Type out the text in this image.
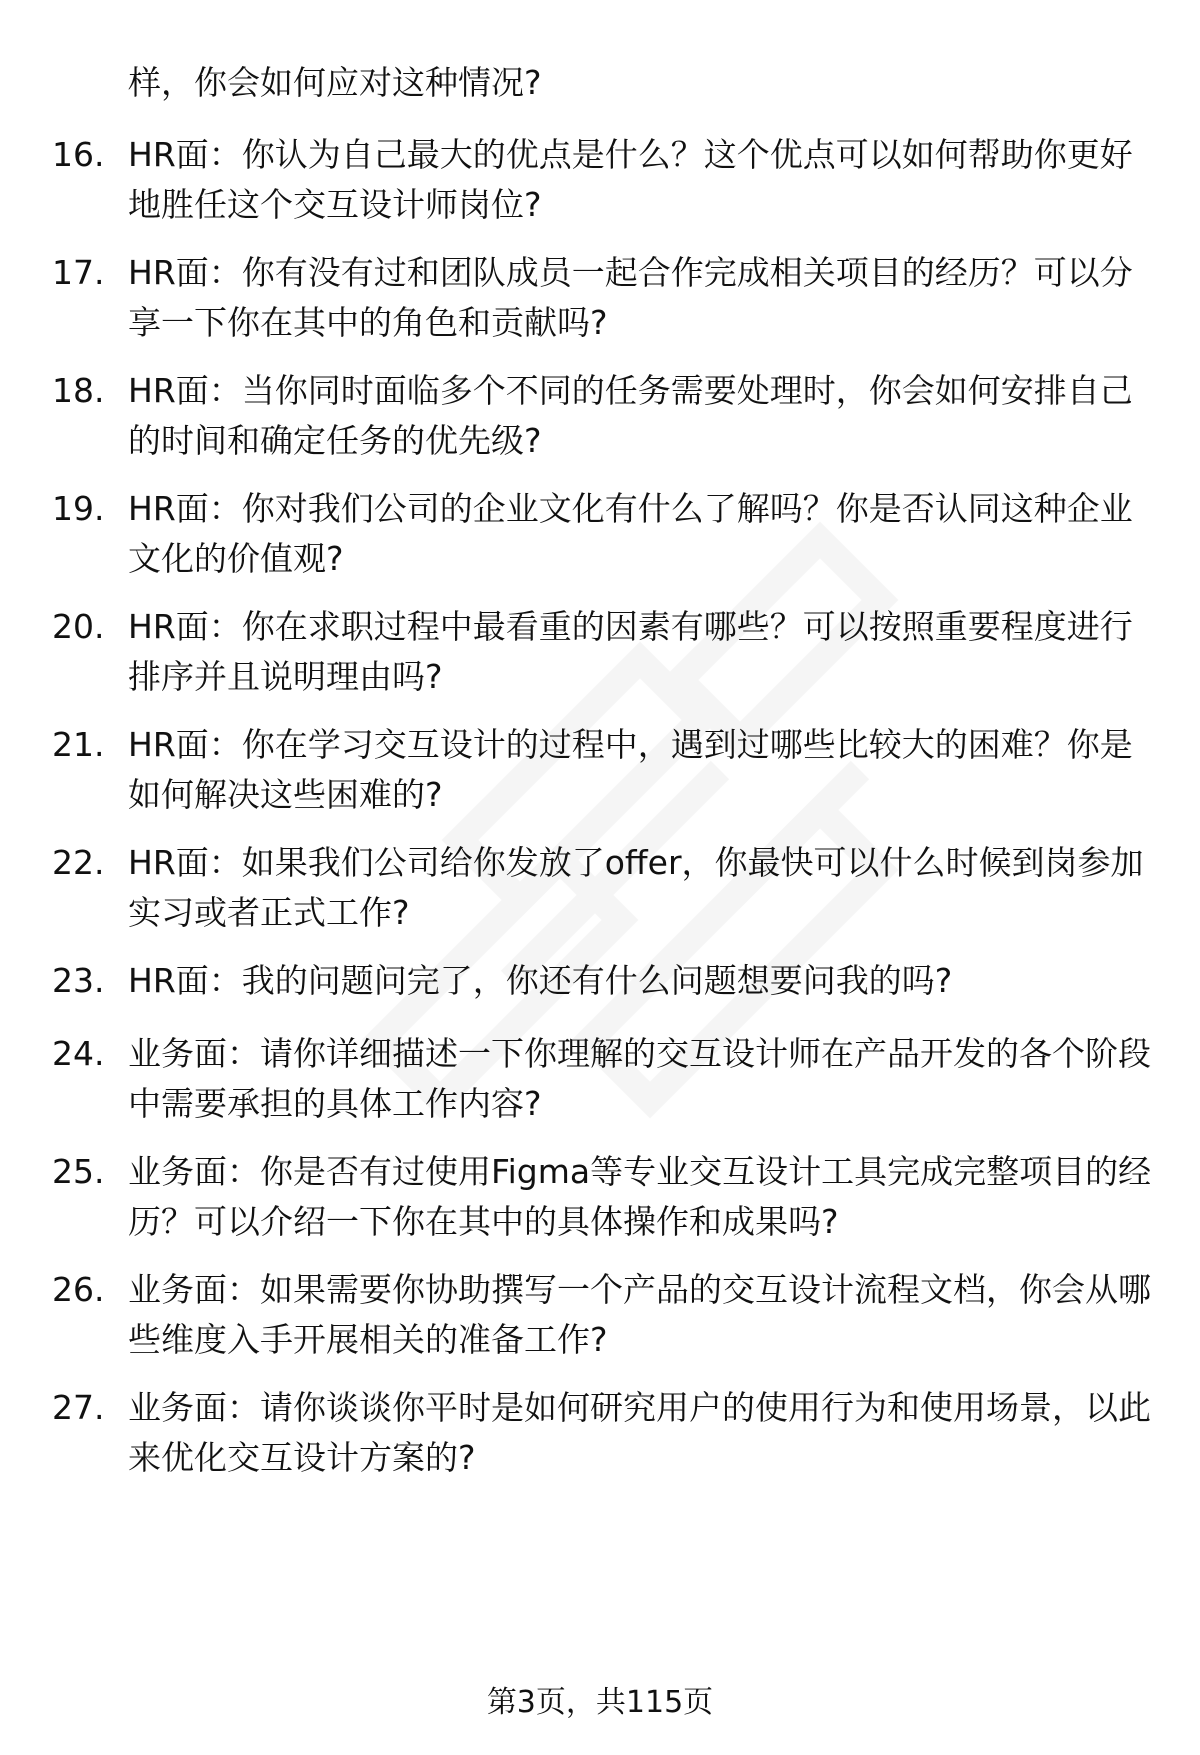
样，你会如何应对这种情况?
16. HR面：你认为自己最大的优点是什么？这个优点可以如何帮助你更好地胜任这个交互设计师岗位?
17. HR面：你有没有过和团队成员一起合作完成相关项目的经历？可以分享一下你在其中的角色和贡献吗?
18. HR面：当你同时面临多个不同的任务需要处理时，你会如何安排自己的时间和确定任务的优先级?
19. HR面：你对我们公司的企业文化有什么了解吗？你是否认同这种企业文化的价值观?
20. HR面：你在求职过程中最看重的因素有哪些？可以按照重要程度进行排序并且说明理由吗?
21. HR面：你在学习交互设计的过程中，遇到过哪些比较大的困难？你是如何解决这些困难的?
22. HR面：如果我们公司给你发放了offer，你最快可以什么时候到岗参加实习或者正式工作?
23. HR面：我的问题问完了，你还有什么问题想要问我的吗?
24. 业务面：请你详细描述一下你理解的交互设计师在产品开发的各个阶段中需要承担的具体工作内容?
25. 业务面：你是否有过使用Figma等专业交互设计工具完成完整项目的经历？可以介绍一下你在其中的具体操作和成果吗?
26. 业务面：如果需要你协助撰写一个产品的交互设计流程文档，你会从哪些维度入手开展相关的准备工作?
27. 业务面：请你谈谈你平时是如何研究用户的使用行为和使用场景，以此来优化交互设计方案的?
第3页，共115页
